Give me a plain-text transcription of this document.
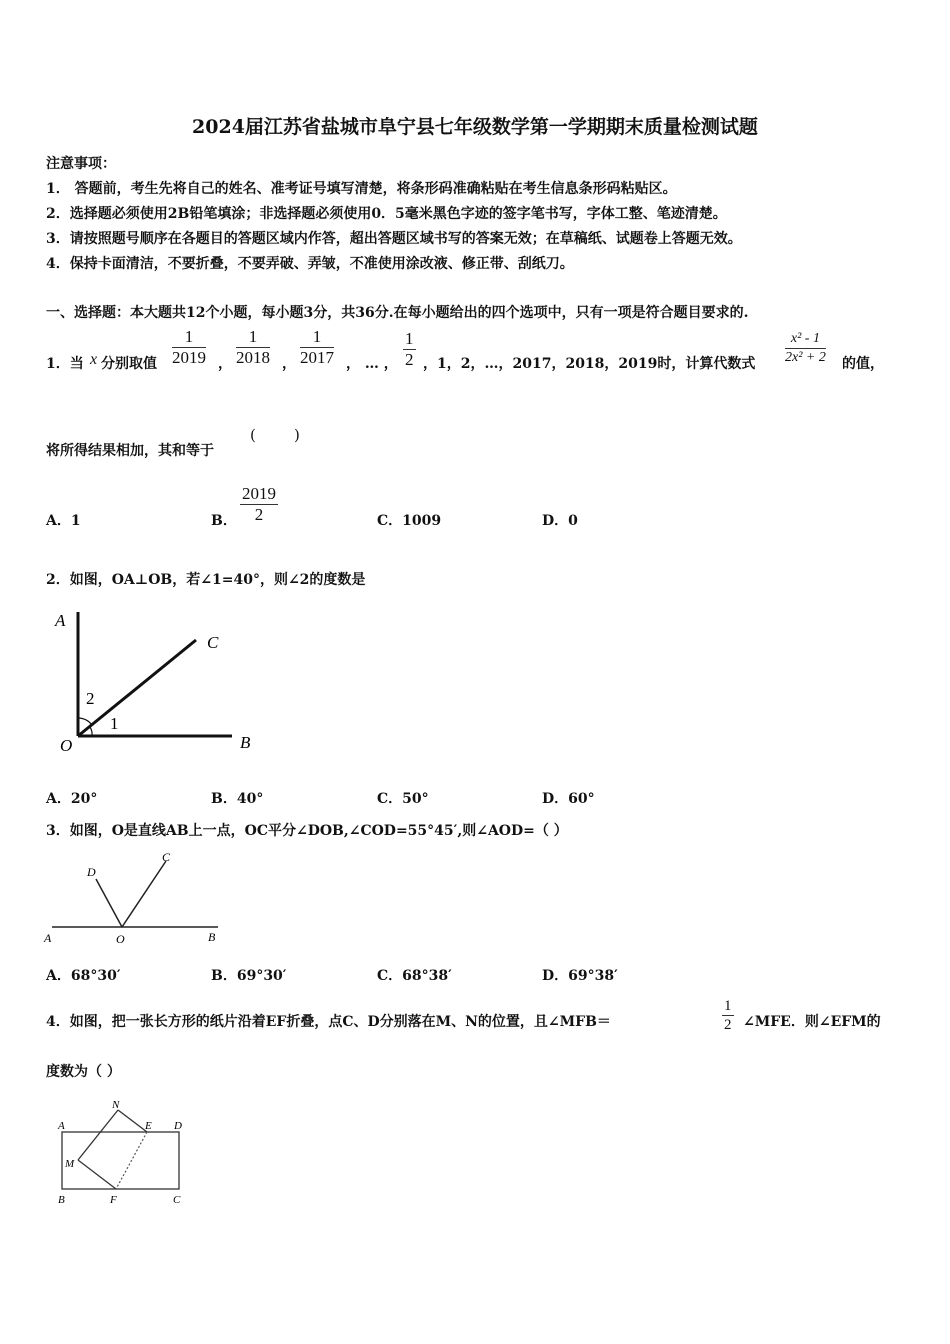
2024届江苏省盐城市阜宁县七年级数学第一学期期末质量检测试题
注意事项：
1． 答题前，考生先将自己的姓名、准考证号填写清楚，将条形码准确粘贴在考生信息条形码粘贴区。
2．选择题必须使用2B铅笔填涂；非选择题必须使用0．5毫米黑色字迹的签字笔书写，字体工整、笔迹清楚。
3．请按照题号顺序在各题目的答题区域内作答，超出答题区域书写的答案无效；在草稿纸、试题卷上答题无效。
4．保持卡面清洁，不要折叠，不要弄破、弄皱，不准使用涂改液、修正带、刮纸刀。
一、选择题：本大题共12个小题，每小题3分，共36分.在每小题给出的四个选项中，只有一项是符合题目要求的.
1．当 x 分别取值 $\frac{1}{2019}$ ， $\frac{1}{2018}$ ， $\frac{1}{2017}$ ， … ， $\frac{1}{2}$ ，1，2，…，2017，2018，2019时，计算代数式 $\frac{\text{x² - 1}}{\text{2x² + 2}}$ 的值，
将所得结果相加，其和等于
(        )
A．1	B． $\frac{2019}{2}$	C．1009	D．0
2．如图，OA⊥OB，若∠1=40°，则∠2的度数是
A
B
C
O
1
2
A．20°	B．40°	C．50°	D．60°
3．如图，O是直线AB上一点，OC平分∠DOB,∠COD=55°45′,则∠AOD=（ ）
A	B
C
D
O
A．68°30′	B．69°30′	C．68°38′	D．69°38′
4．如图，把一张长方形的纸片沿着EF折叠，点C、D分别落在M、N的位置，且∠MFB＝	$\frac{1}{2}$ ∠MFE．则∠EFM的
度数为（ ）
A
B	C
D
E
F
M
N
